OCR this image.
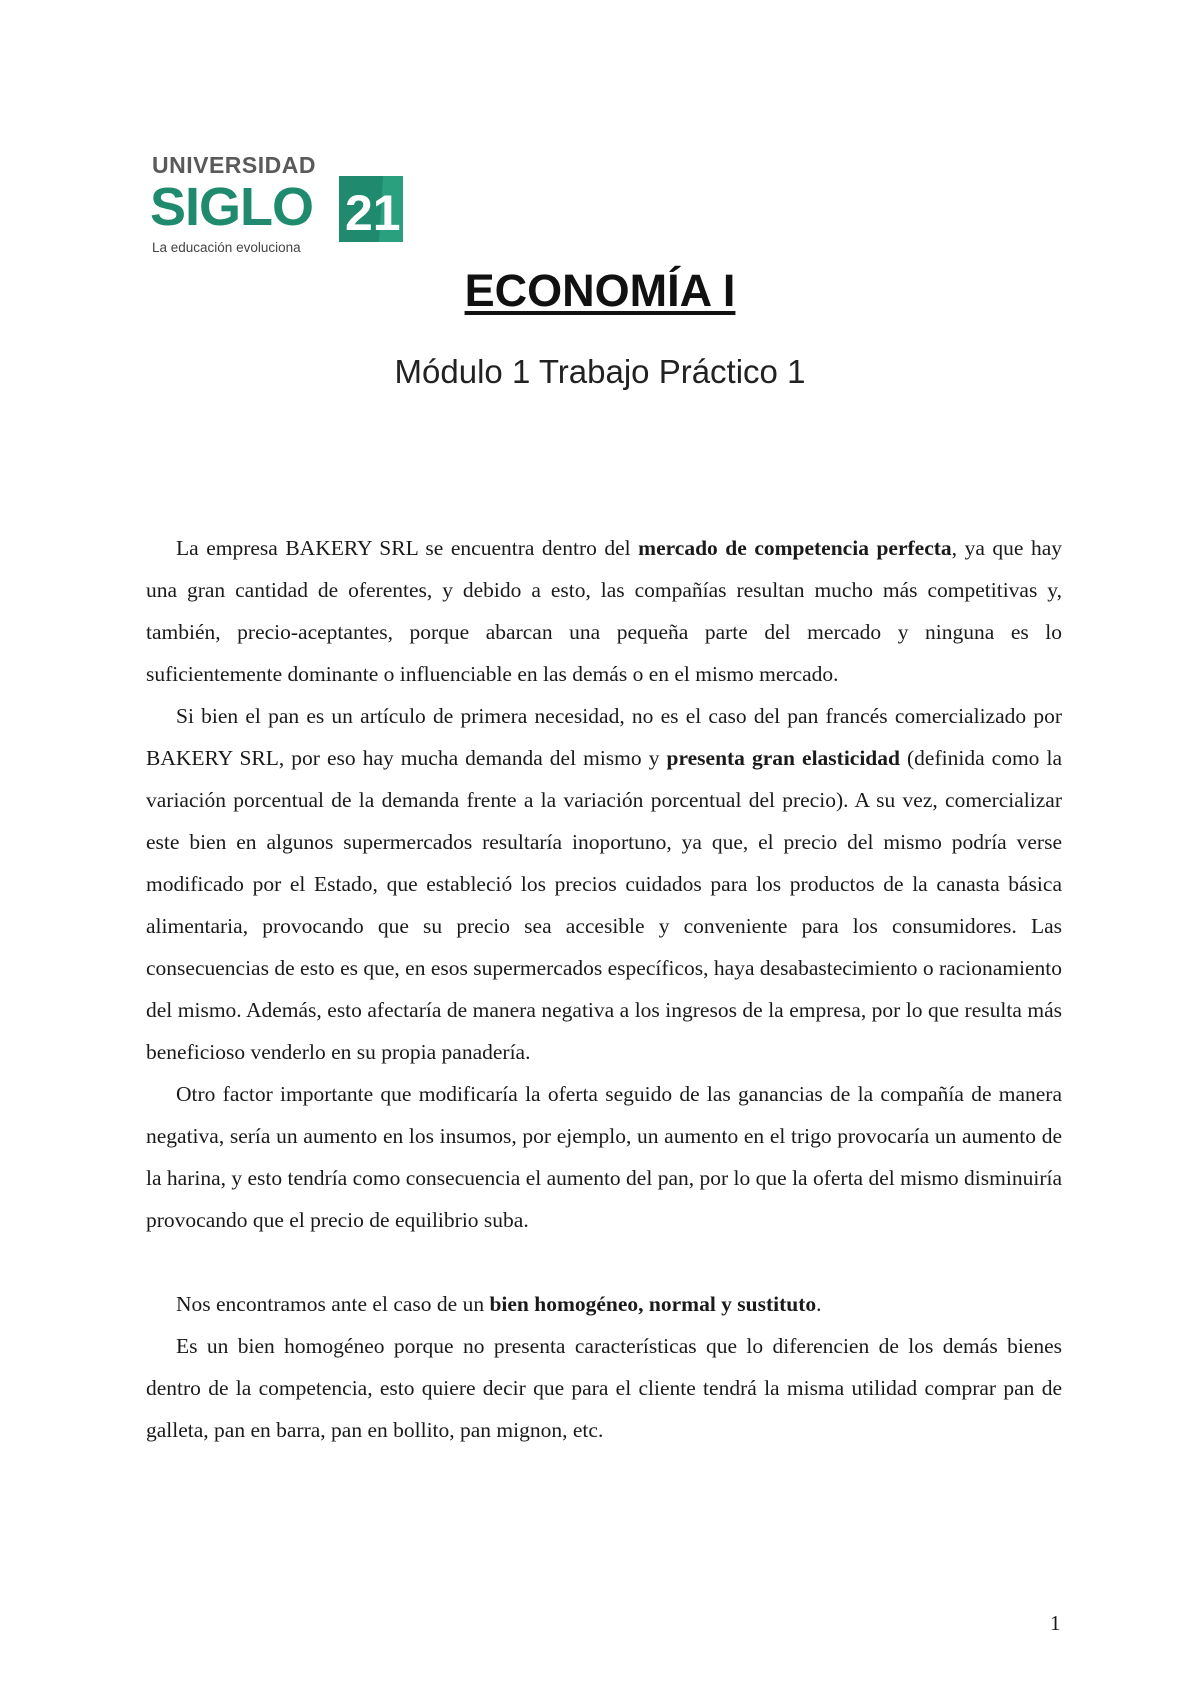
UNIVERSIDAD
SIGLO 21
La educación evoluciona
ECONOMÍA I
Módulo 1 Trabajo Práctico 1

La empresa BAKERY SRL se encuentra dentro del mercado de competencia perfecta, ya que hay una gran cantidad de oferentes, y debido a esto, las compañías resultan mucho más competitivas y, también, precio-aceptantes, porque abarcan una pequeña parte del mercado y ninguna es lo suficientemente dominante o influenciable en las demás o en el mismo mercado.

Si bien el pan es un artículo de primera necesidad, no es el caso del pan francés comercializado por BAKERY SRL, por eso hay mucha demanda del mismo y presenta gran elasticidad (definida como la variación porcentual de la demanda frente a la variación porcentual del precio). A su vez, comercializar este bien en algunos supermercados resultaría inoportuno, ya que, el precio del mismo podría verse modificado por el Estado, que estableció los precios cuidados para los productos de la canasta básica alimentaria, provocando que su precio sea accesible y conveniente para los consumidores. Las consecuencias de esto es que, en esos supermercados específicos, haya desabastecimiento o racionamiento del mismo. Además, esto afectaría de manera negativa a los ingresos de la empresa, por lo que resulta más beneficioso venderlo en su propia panadería.

Otro factor importante que modificaría la oferta seguido de las ganancias de la compañía de manera negativa, sería un aumento en los insumos, por ejemplo, un aumento en el trigo provocaría un aumento de la harina, y esto tendría como consecuencia el aumento del pan, por lo que la oferta del mismo disminuiría provocando que el precio de equilibrio suba.

Nos encontramos ante el caso de un bien homogéneo, normal y sustituto.

Es un bien homogéneo porque no presenta características que lo diferencien de los demás bienes dentro de la competencia, esto quiere decir que para el cliente tendrá la misma utilidad comprar pan de galleta, pan en barra, pan en bollito, pan mignon, etc.

1
